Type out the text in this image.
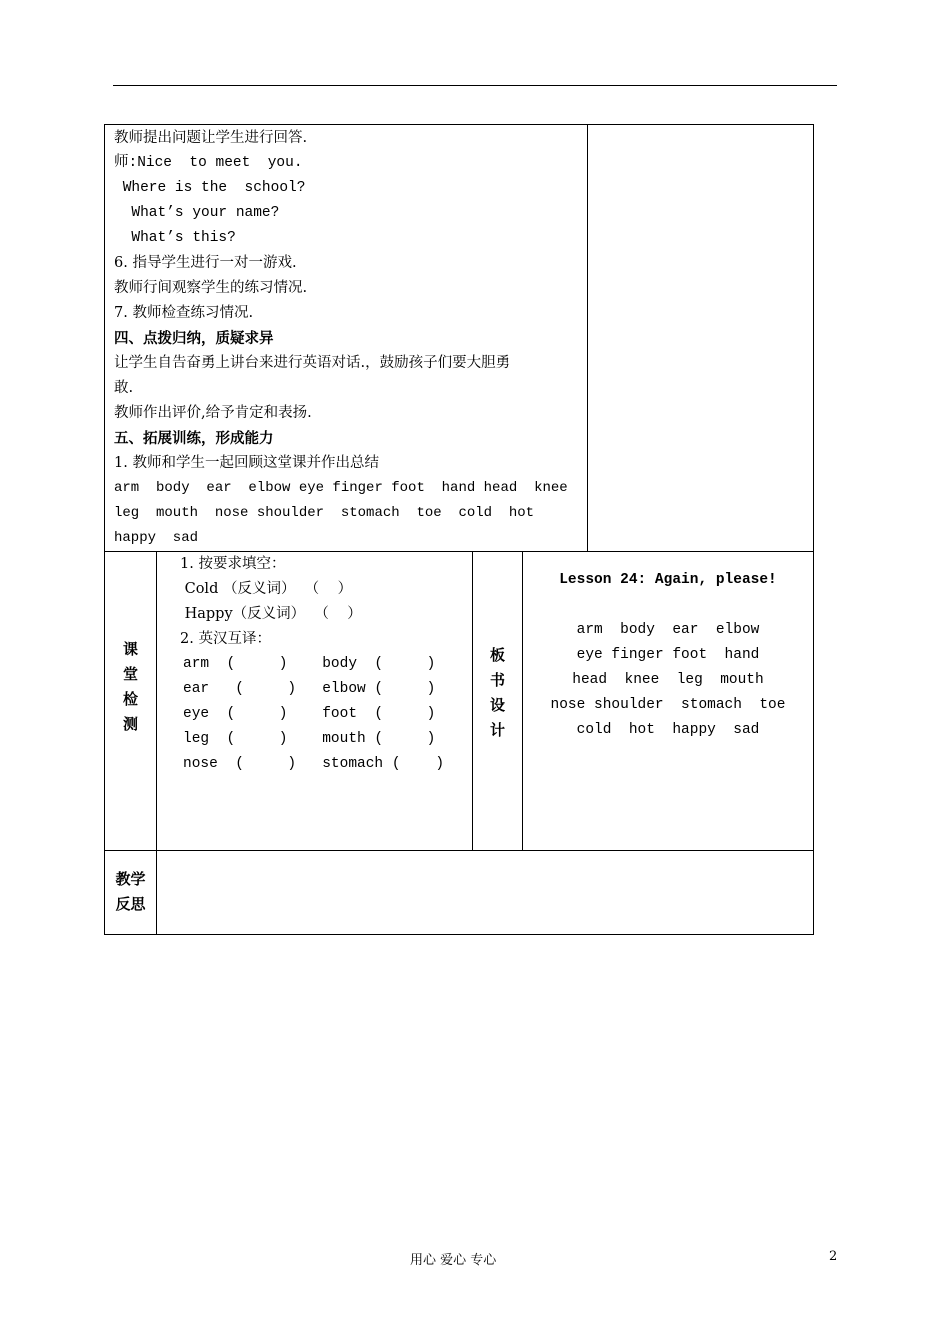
教师提出问题让学生进行回答.
师:Nice  to meet  you.
Where is the  school?
What’s your name?
What’s this?
6. 指导学生进行一对一游戏.
教师行间观察学生的练习情况.
7. 教师检查练习情况.
四、点拨归纳，质疑求异
让学生自告奋勇上讲台来进行英语对话.，鼓励孩子们要大胆勇
敢.
教师作出评价,给予肯定和表扬.
五、拓展训练，形成能力
1. 教师和学生一起回顾这堂课并作出总结
arm  body  ear  elbow eye finger foot  hand head  knee
leg  mouth  nose shoulder  stomach  toe  cold  hot
happy  sad
课
堂
检
测
1. 按要求填空：
Cold （反义词）  （    ）
Happy（反义词）  （    ）
2. 英汉互译：
arm  (     )    body  (     )
ear   (     )   elbow (     )
eye  (     )    foot  (     )
leg  (     )    mouth (     )
nose  (     )   stomach (    )
板
书
设
计
Lesson 24: Again, please!
arm  body  ear  elbow
eye finger foot  hand
head  knee  leg  mouth
nose shoulder  stomach  toe
cold  hot  happy  sad
教学
反思
用心 爱心 专心	2
